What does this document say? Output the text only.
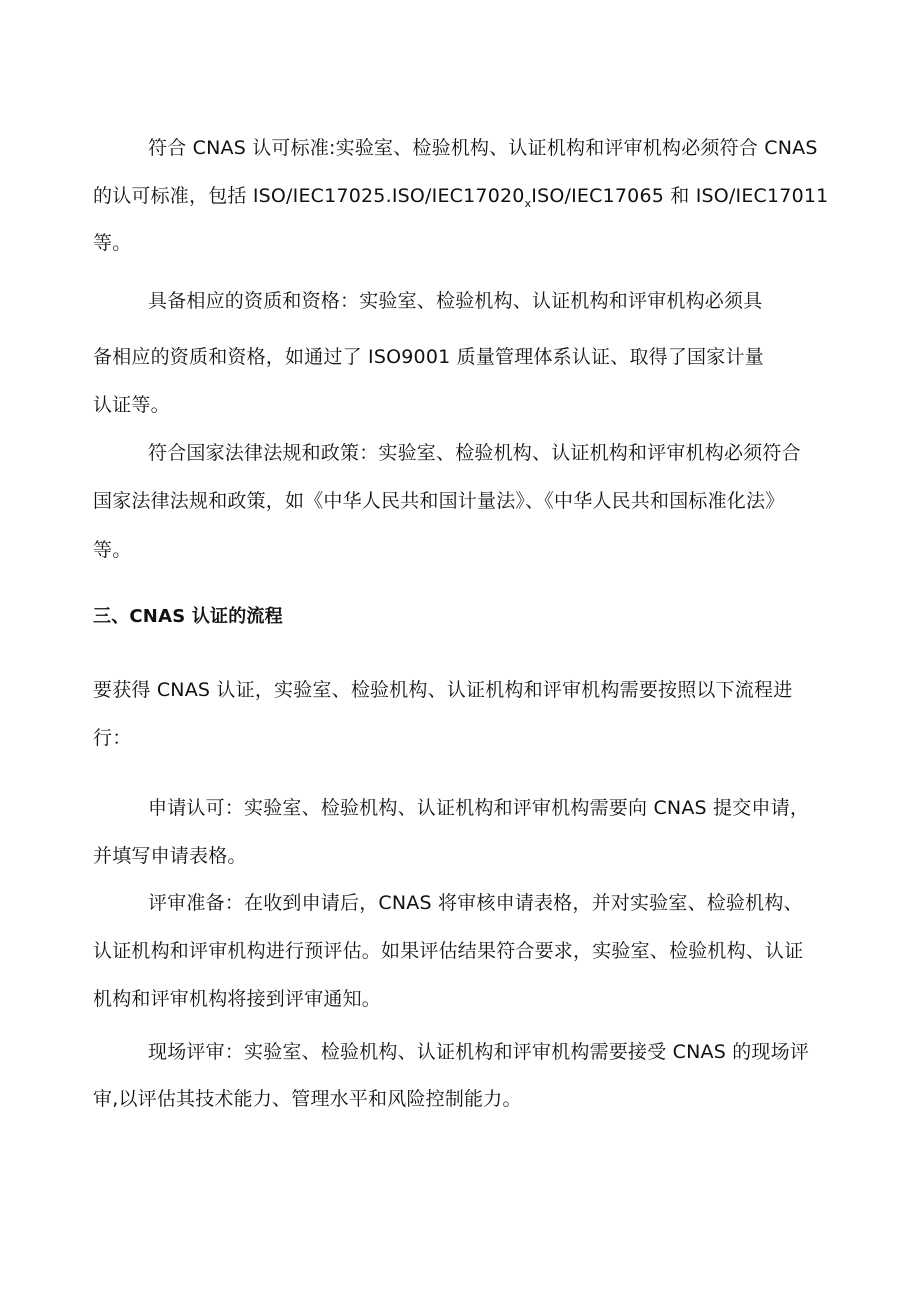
符合 CNAS 认可标准:实验室、检验机构、认证机构和评审机构必须符合 CNAS
的认可标准，包括 ISO/$IEC17025.ISO/IEC17020_xISO/IEC17065$ 和 ISO/IEC17011
等。
具备相应的资质和资格：实验室、检验机构、认证机构和评审机构必须具
备相应的资质和资格，如通过了 ISO9001 质量管理体系认证、取得了国家计量
认证等。
符合国家法律法规和政策：实验室、检验机构、认证机构和评审机构必须符合
国家法律法规和政策，如《中华人民共和国计量法》、《中华人民共和国标准化法》
等。
三、CNAS 认证的流程
要获得 CNAS 认证，实验室、检验机构、认证机构和评审机构需要按照以下流程进
行：
申请认可：实验室、检验机构、认证机构和评审机构需要向 CNAS 提交申请，
并填写申请表格。
评审准备：在收到申请后，CNAS 将审核申请表格，并对实验室、检验机构、
认证机构和评审机构进行预评估。如果评估结果符合要求，实验室、检验机构、认证
机构和评审机构将接到评审通知。
现场评审：实验室、检验机构、认证机构和评审机构需要接受 CNAS 的现场评
审,以评估其技术能力、管理水平和风险控制能力。
